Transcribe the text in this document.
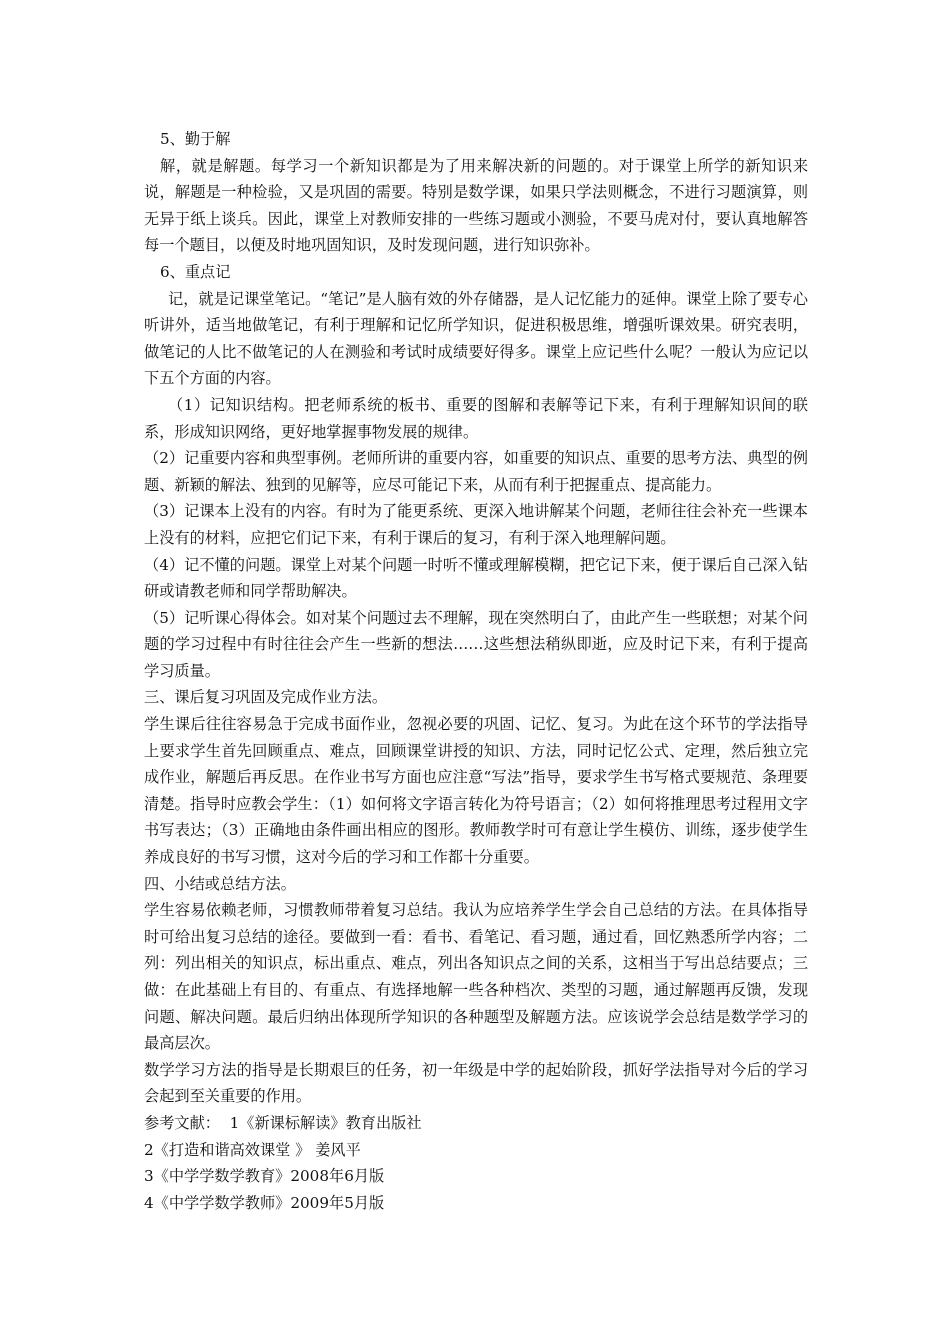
5、勤于解

解，就是解题。每学习一个新知识都是为了用来解决新的问题的。对于课堂上所学的新知识来说，解题是一种检验，又是巩固的需要。特别是数学课，如果只学法则概念，不进行习题演算，则无异于纸上谈兵。因此，课堂上对教师安排的一些练习题或小测验，不要马虎对付，要认真地解答每一个题目，以便及时地巩固知识，及时发现问题，进行知识弥补。

6、重点记

记，就是记课堂笔记。“笔记”是人脑有效的外存储器，是人记忆能力的延伸。课堂上除了要专心听讲外，适当地做笔记，有利于理解和记忆所学知识，促进积极思维，增强听课效果。研究表明，做笔记的人比不做笔记的人在测验和考试时成绩要好得多。课堂上应记些什么呢？一般认为应记以下五个方面的内容。

（1）记知识结构。把老师系统的板书、重要的图解和表解等记下来，有利于理解知识间的联系，形成知识网络，更好地掌握事物发展的规律。

（2）记重要内容和典型事例。老师所讲的重要内容，如重要的知识点、重要的思考方法、典型的例题、新颖的解法、独到的见解等，应尽可能记下来，从而有利于把握重点、提高能力。

（3）记课本上没有的内容。有时为了能更系统、更深入地讲解某个问题，老师往往会补充一些课本上没有的材料，应把它们记下来，有利于课后的复习，有利于深入地理解问题。

（4）记不懂的问题。课堂上对某个问题一时听不懂或理解模糊，把它记下来，便于课后自己深入钻研或请教老师和同学帮助解决。

（5）记听课心得体会。如对某个问题过去不理解，现在突然明白了，由此产生一些联想；对某个问题的学习过程中有时往往会产生一些新的想法……这些想法稍纵即逝，应及时记下来，有利于提高学习质量。

三、课后复习巩固及完成作业方法。

学生课后往往容易急于完成书面作业，忽视必要的巩固、记忆、复习。为此在这个环节的学法指导上要求学生首先回顾重点、难点，回顾课堂讲授的知识、方法，同时记忆公式、定理，然后独立完成作业，解题后再反思。在作业书写方面也应注意“写法”指导，要求学生书写格式要规范、条理要清楚。指导时应教会学生：（1）如何将文字语言转化为符号语言；（2）如何将推理思考过程用文字书写表达；（3）正确地由条件画出相应的图形。教师教学时可有意让学生模仿、训练，逐步使学生养成良好的书写习惯，这对今后的学习和工作都十分重要。

四、小结或总结方法。

学生容易依赖老师，习惯教师带着复习总结。我认为应培养学生学会自己总结的方法。在具体指导时可给出复习总结的途径。要做到一看：看书、看笔记、看习题，通过看，回忆熟悉所学内容；二列：列出相关的知识点，标出重点、难点，列出各知识点之间的关系，这相当于写出总结要点；三做：在此基础上有目的、有重点、有选择地解一些各种档次、类型的习题，通过解题再反馈，发现问题、解决问题。最后归纳出体现所学知识的各种题型及解题方法。应该说学会总结是数学学习的最高层次。

数学学习方法的指导是长期艰巨的任务，初一年级是中学的起始阶段，抓好学法指导对今后的学习会起到至关重要的作用。

参考文献： 1《新课标解读》教育出版社

2《打造和谐高效课堂 》 姜风平

3《中学学数学教育》2008年6月版

4《中学学数学教师》2009年5月版
